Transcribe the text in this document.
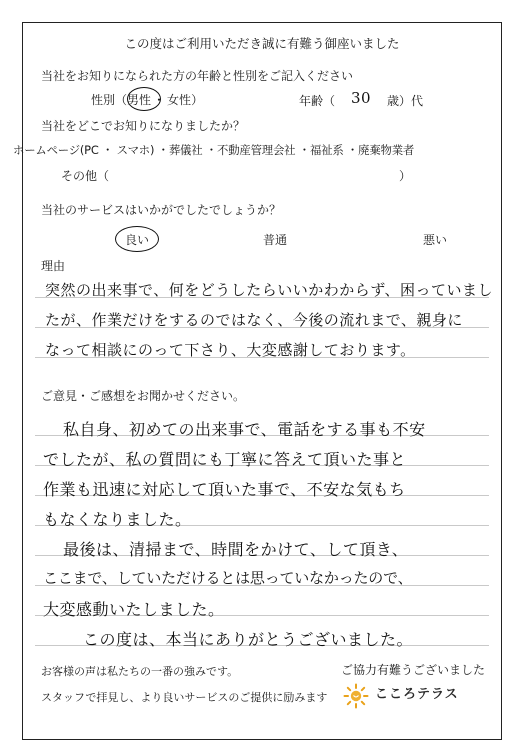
この度はご利用いただき誠に有難う御座いました
当社をお知りになられた方の年齢と性別をご記入ください
性別（男性 ・ 女性）	年齢（ 30 歳）代
当社をどこでお知りになりましたか？
ホームページ(PC ・ スマホ) ・葬儀社 ・不動産管理会社 ・福祉系 ・廃棄物業者
その他（	）
当社のサービスはいかがでしたでしょうか？
良い	普通	悪い
理由
突然の出来事で、何をどうしたらいいかわからず、困っていまし
たが、作業だけをするのではなく、今後の流れまで、親身に
なって相談にのって下さり、大変感謝しております。
ご意見・ご感想をお聞かせください。
私自身、初めての出来事で、電話をする事も不安
でしたが、私の質問にも丁寧に答えて頂いた事と
作業も迅速に対応して頂いた事で、不安な気もち
もなくなりました。
最後は、清掃まで、時間をかけて、して頂き、
ここまで、していただけるとは思っていなかったので、
大変感動いたしました。
この度は、本当にありがとうございました。
お客様の声は私たちの一番の強みです。	ご協力有難うございました
スタッフで拝見し、より良いサービスのご提供に励みます	こころテラス
